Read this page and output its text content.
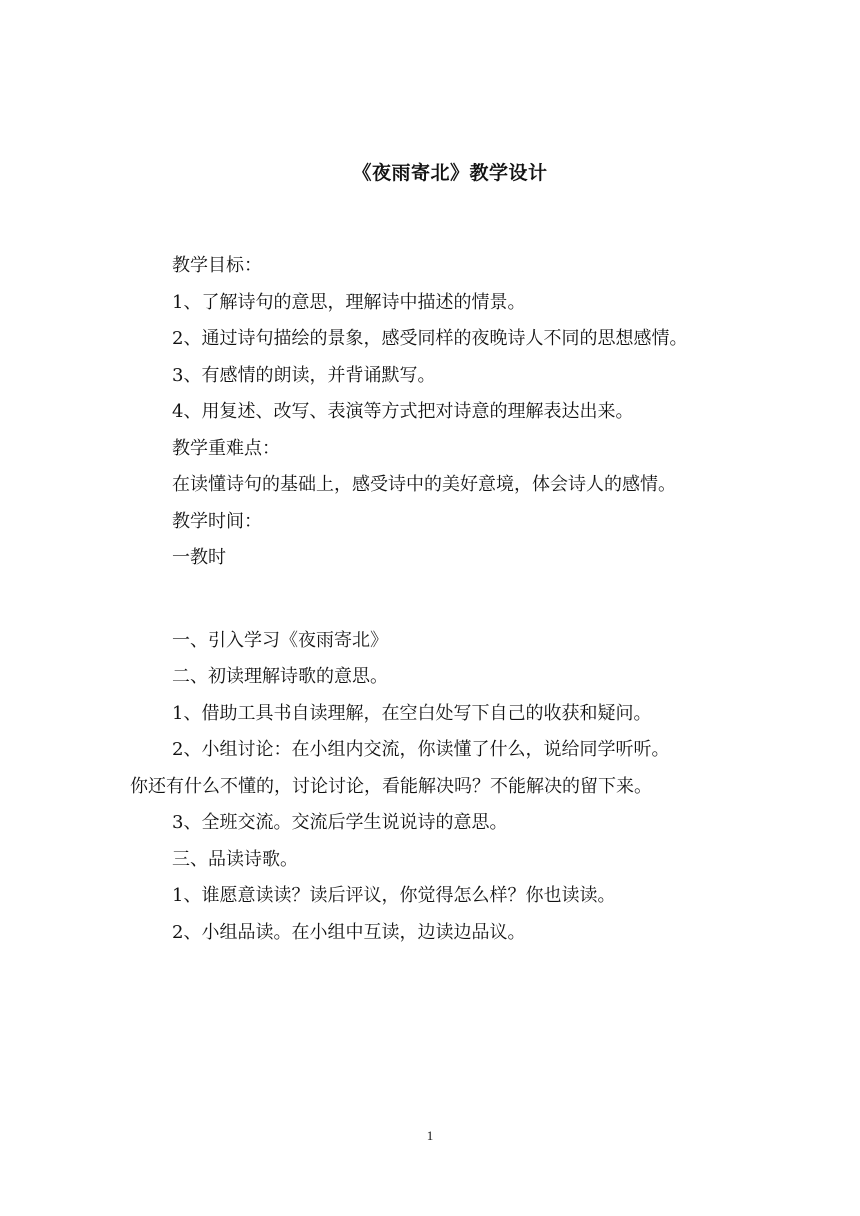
《夜雨寄北》教学设计
教学目标：
1、了解诗句的意思，理解诗中描述的情景。
2、通过诗句描绘的景象，感受同样的夜晚诗人不同的思想感情。
3、有感情的朗读，并背诵默写。
4、用复述、改写、表演等方式把对诗意的理解表达出来。
教学重难点：
在读懂诗句的基础上，感受诗中的美好意境，体会诗人的感情。
教学时间：
一教时
一、引入学习《夜雨寄北》
二、初读理解诗歌的意思。
1、借助工具书自读理解，在空白处写下自己的收获和疑问。
2、小组讨论：在小组内交流，你读懂了什么，说给同学听听。
你还有什么不懂的，讨论讨论，看能解决吗？不能解决的留下来。
3、全班交流。交流后学生说说诗的意思。
三、品读诗歌。
1、谁愿意读读？读后评议，你觉得怎么样？你也读读。
2、小组品读。在小组中互读，边读边品议。
1
